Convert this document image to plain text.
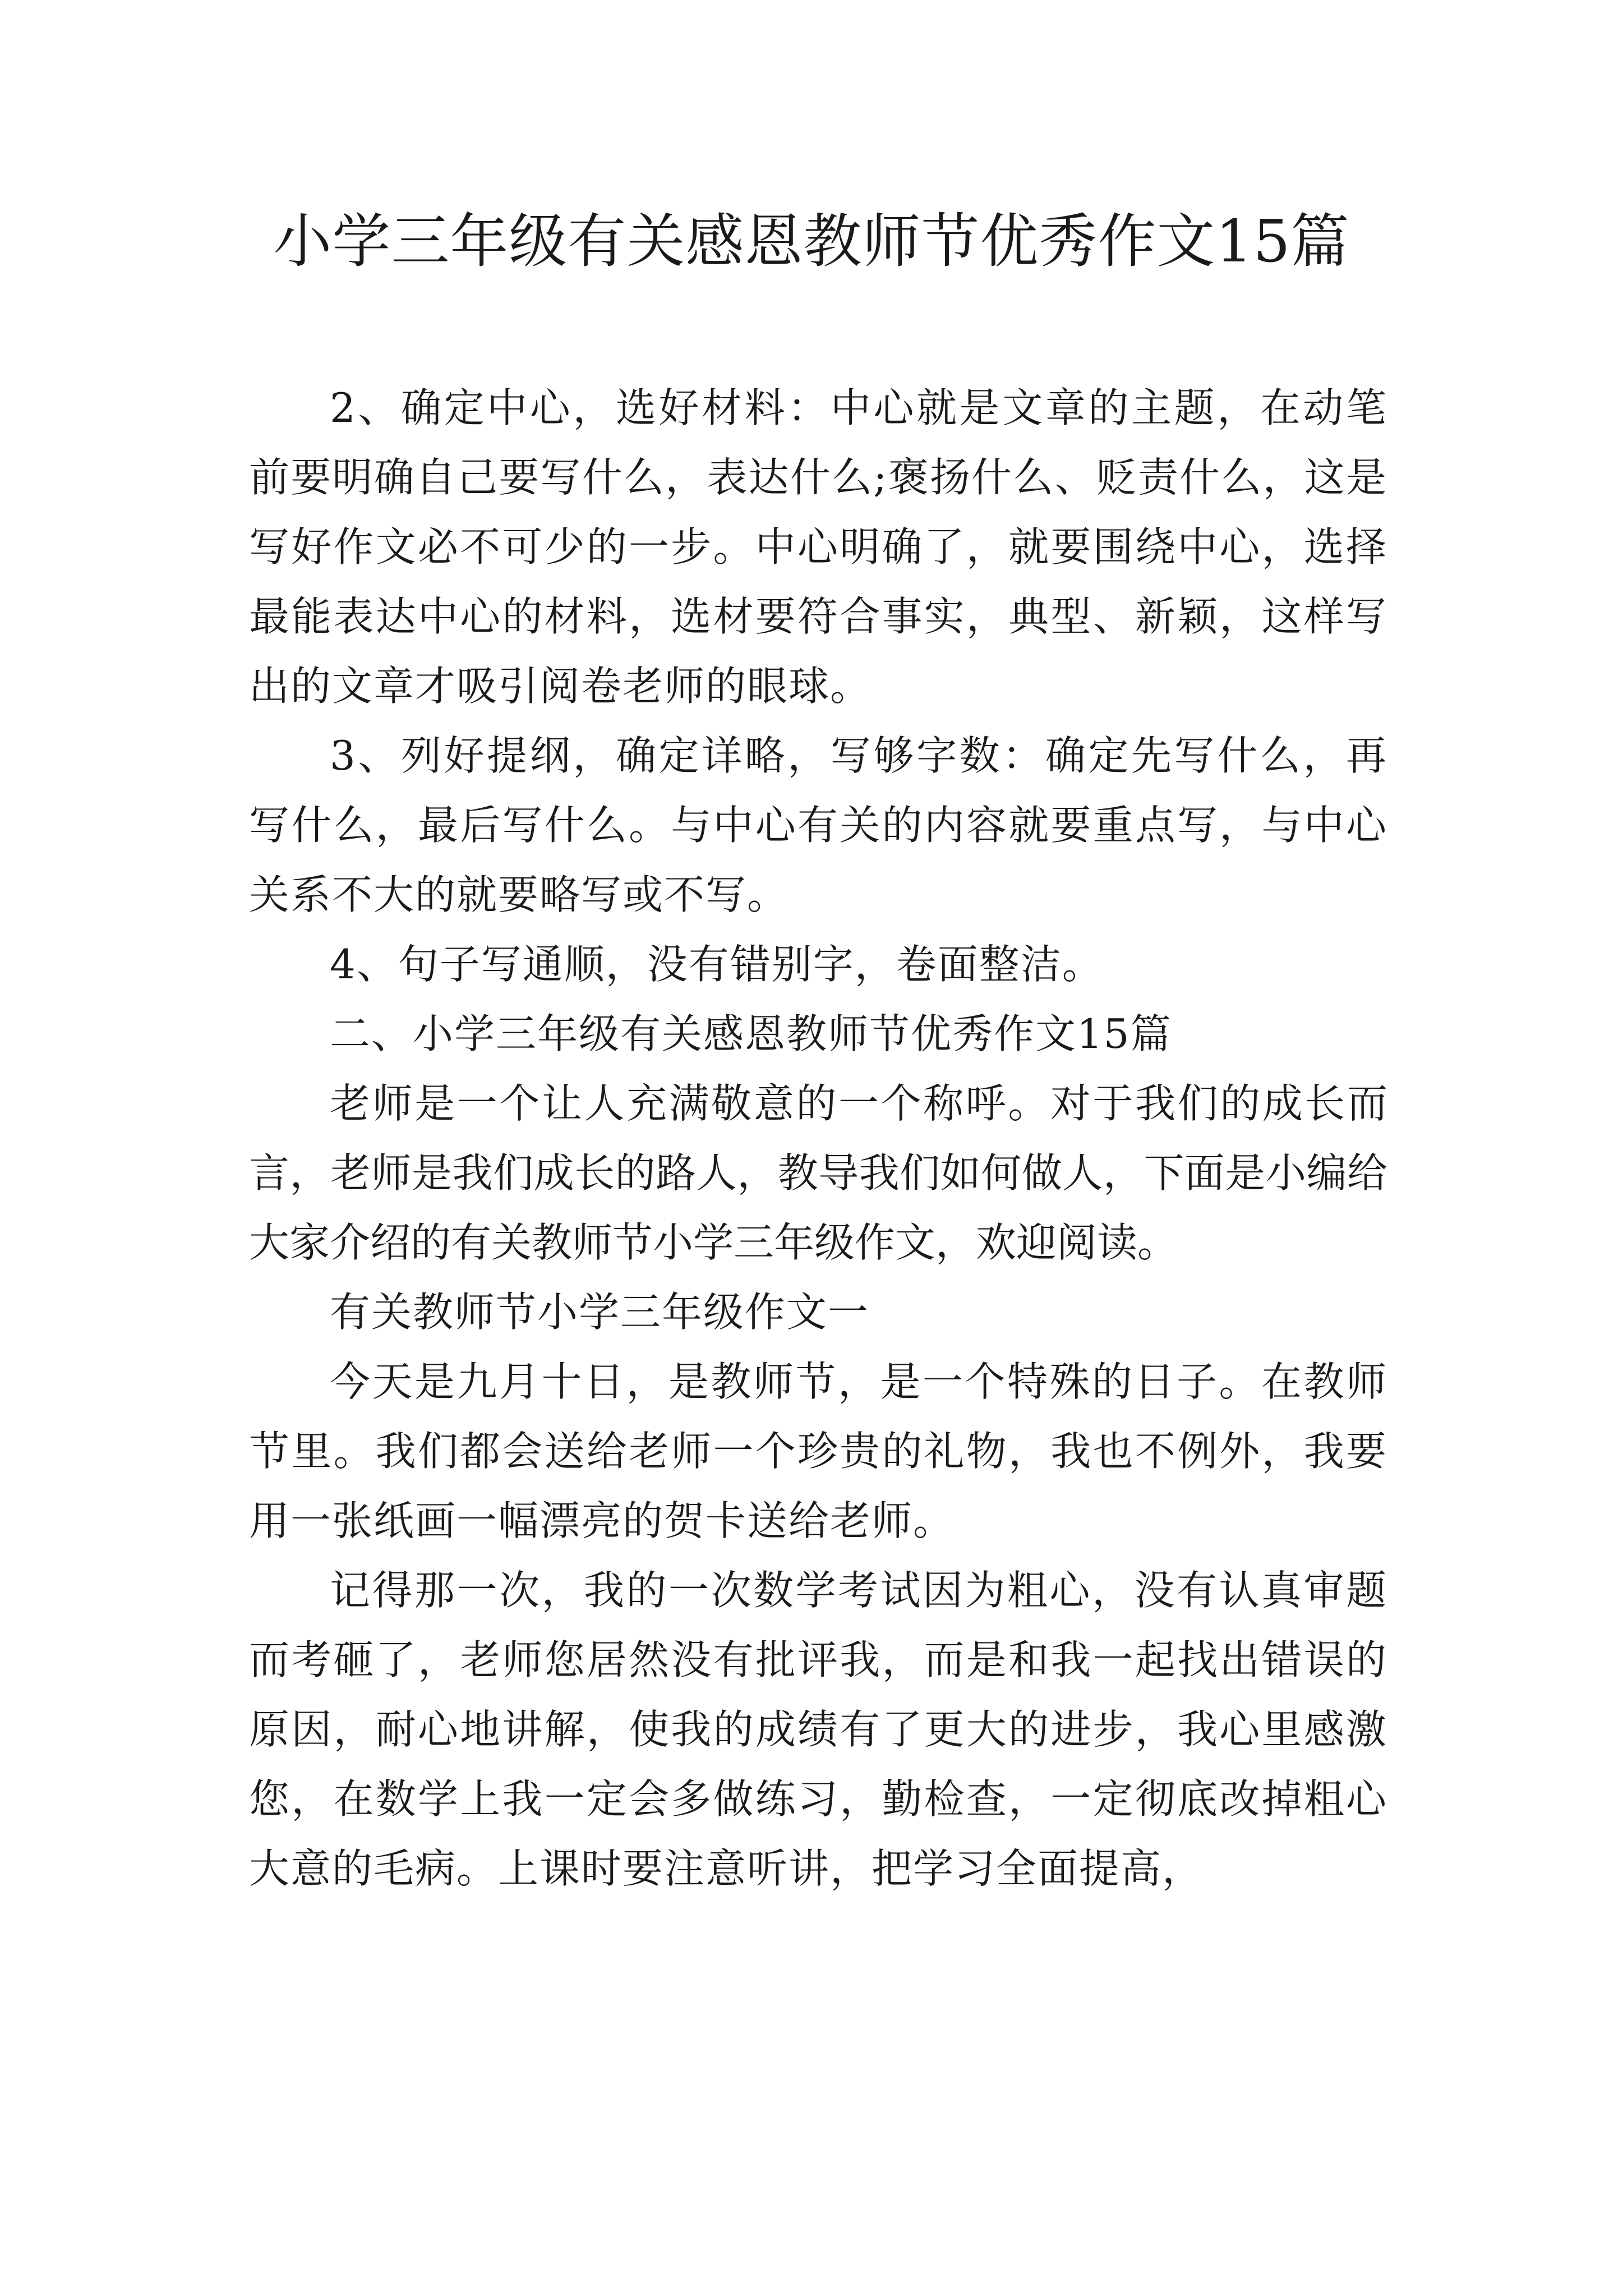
小学三年级有关感恩教师节优秀作文15篇

2、确定中心，选好材料：中心就是文章的主题，在动笔前要明确自己要写什么，表达什么;褒扬什么、贬责什么，这是写好作文必不可少的一步。中心明确了，就要围绕中心，选择最能表达中心的材料，选材要符合事实，典型、新颖，这样写出的文章才吸引阅卷老师的眼球。

3、列好提纲，确定详略，写够字数：确定先写什么，再写什么，最后写什么。与中心有关的内容就要重点写，与中心关系不大的就要略写或不写。

4、句子写通顺，没有错别字，卷面整洁。

二、小学三年级有关感恩教师节优秀作文15篇

老师是一个让人充满敬意的一个称呼。对于我们的成长而言，老师是我们成长的路人，教导我们如何做人，下面是小编给大家介绍的有关教师节小学三年级作文，欢迎阅读。

有关教师节小学三年级作文一

今天是九月十日，是教师节，是一个特殊的日子。在教师节里。我们都会送给老师一个珍贵的礼物，我也不例外，我要用一张纸画一幅漂亮的贺卡送给老师。

记得那一次，我的一次数学考试因为粗心，没有认真审题而考砸了，老师您居然没有批评我，而是和我一起找出错误的原因，耐心地讲解，使我的成绩有了更大的进步，我心里感激您，在数学上我一定会多做练习，勤检查，一定彻底改掉粗心大意的毛病。上课时要注意听讲，把学习全面提高，
